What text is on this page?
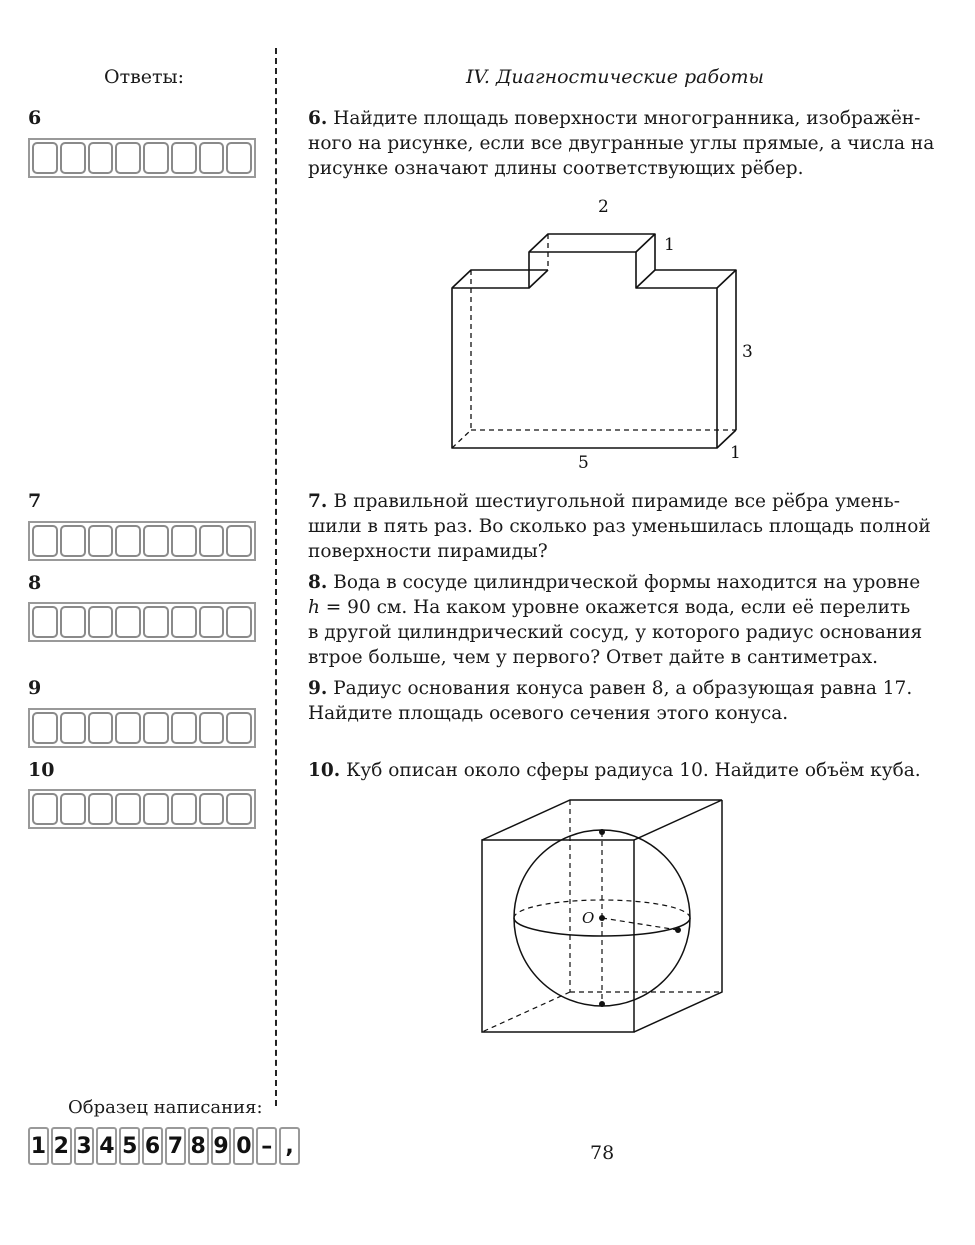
Ответы:	IV. Диагностические работы
6
7
8
9
10
6. Найдите площадь поверхности многогранника, изображён-
ного на рисунке, если все двугранные углы прямые, а числа на
рисунке означают длины соответствующих рёбер.
2
1
3
5	1
7. В правильной шестиугольной пирамиде все рёбра умень-
шили в пять раз. Во сколько раз уменьшилась площадь полной
поверхности пирамиды?
8. Вода в сосуде цилиндрической формы находится на уровне
h = 90 см. На каком уровне окажется вода, если её перелить
в другой цилиндрический сосуд, у которого радиус основания
втрое больше, чем у первого? Ответ дайте в сантиметрах.
9. Радиус основания конуса равен 8, а образующая равна 17.
Найдите площадь осевого сечения этого конуса.
10. Куб описан около сферы радиуса 10. Найдите объём куба.
O
Образец написания:
1 2 3 4 5 6 7 8 9 0 – ,	78
